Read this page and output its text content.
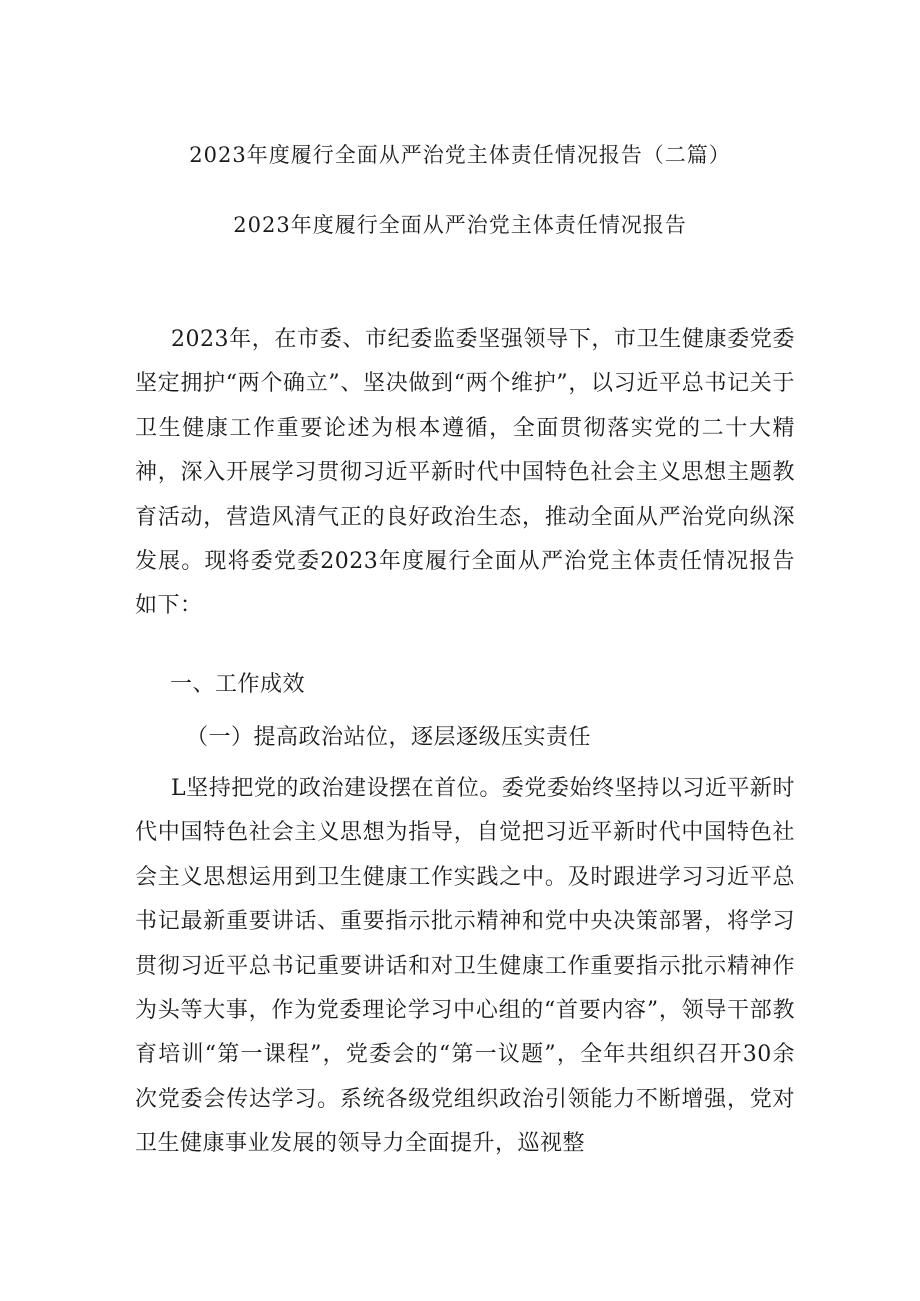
2023年度履行全面从严治党主体责任情况报告（二篇）
2023年度履行全面从严治党主体责任情况报告
2023年，在市委、市纪委监委坚强领导下，市卫生健康委党委坚定拥护“两个确立”、坚决做到“两个维护”，以习近平总书记关于卫生健康工作重要论述为根本遵循，全面贯彻落实党的二十大精神，深入开展学习贯彻习近平新时代中国特色社会主义思想主题教育活动，营造风清气正的良好政治生态，推动全面从严治党向纵深发展。现将委党委2023年度履行全面从严治党主体责任情况报告如下：
一、工作成效
（一）提高政治站位，逐层逐级压实责任
L坚持把党的政治建设摆在首位。委党委始终坚持以习近平新时代中国特色社会主义思想为指导，自觉把习近平新时代中国特色社会主义思想运用到卫生健康工作实践之中。及时跟进学习习近平总书记最新重要讲话、重要指示批示精神和党中央决策部署，将学习贯彻习近平总书记重要讲话和对卫生健康工作重要指示批示精神作为头等大事，作为党委理论学习中心组的“首要内容”，领导干部教育培训“第一课程”，党委会的“第一议题”，全年共组织召开30余次党委会传达学习。系统各级党组织政治引领能力不断增强，党对卫生健康事业发展的领导力全面提升，巡视整
